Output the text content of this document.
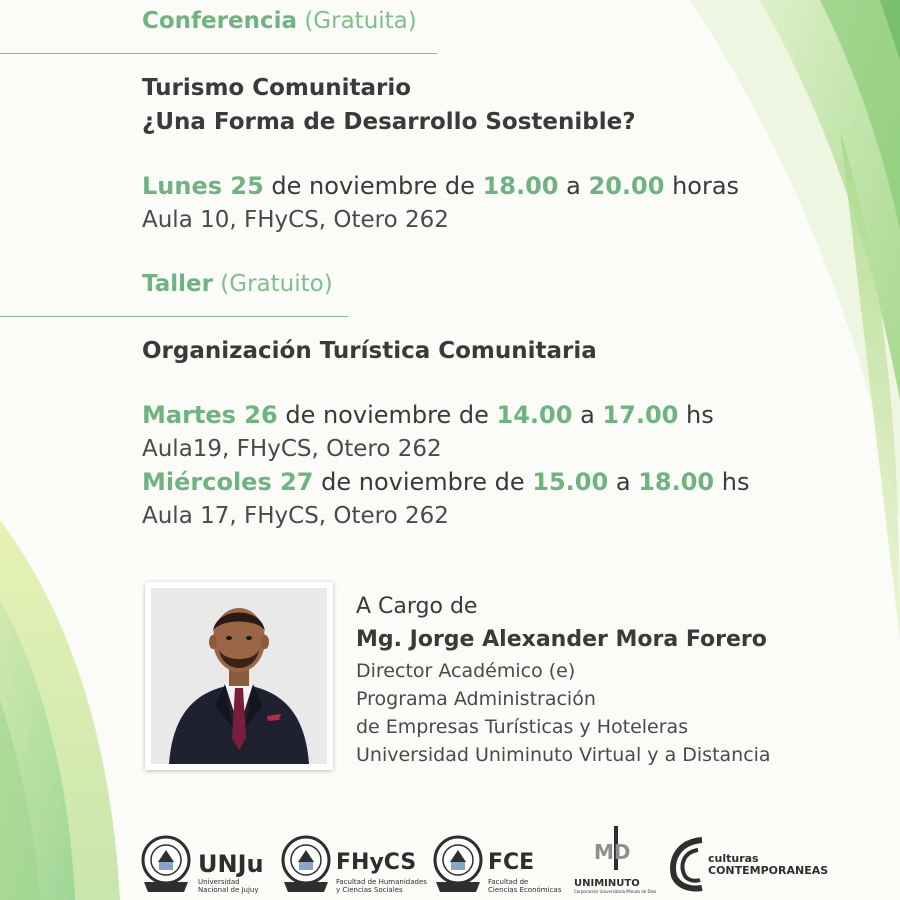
Conferencia (Gratuita)
Turismo Comunitario
¿Una Forma de Desarrollo Sostenible?
Lunes 25 de noviembre de 18.00 a 20.00 horas
Aula 10, FHyCS, Otero 262
Taller (Gratuito)
Organización Turística Comunitaria
Martes 26 de noviembre de 14.00 a 17.00 hs
Aula19, FHyCS, Otero 262
Miércoles 27 de noviembre de 15.00 a 18.00 hs
Aula 17, FHyCS, Otero 262
A Cargo de
Mg. Jorge Alexander Mora Forero
Director Académico (e)
Programa Administración
de Empresas Turísticas y Hoteleras
Universidad Uniminuto Virtual y a Distancia
UNJu
Universidad
Nacional de Jujuy
FHyCS
Facultad de Humanidades
y Ciencias Sociales
FCE
Facultad de
Ciencias Económicas
MD
UNIMINUTO
Corporación Universitaria Minuto de Dios
culturas
CONTEMPORANEAS
